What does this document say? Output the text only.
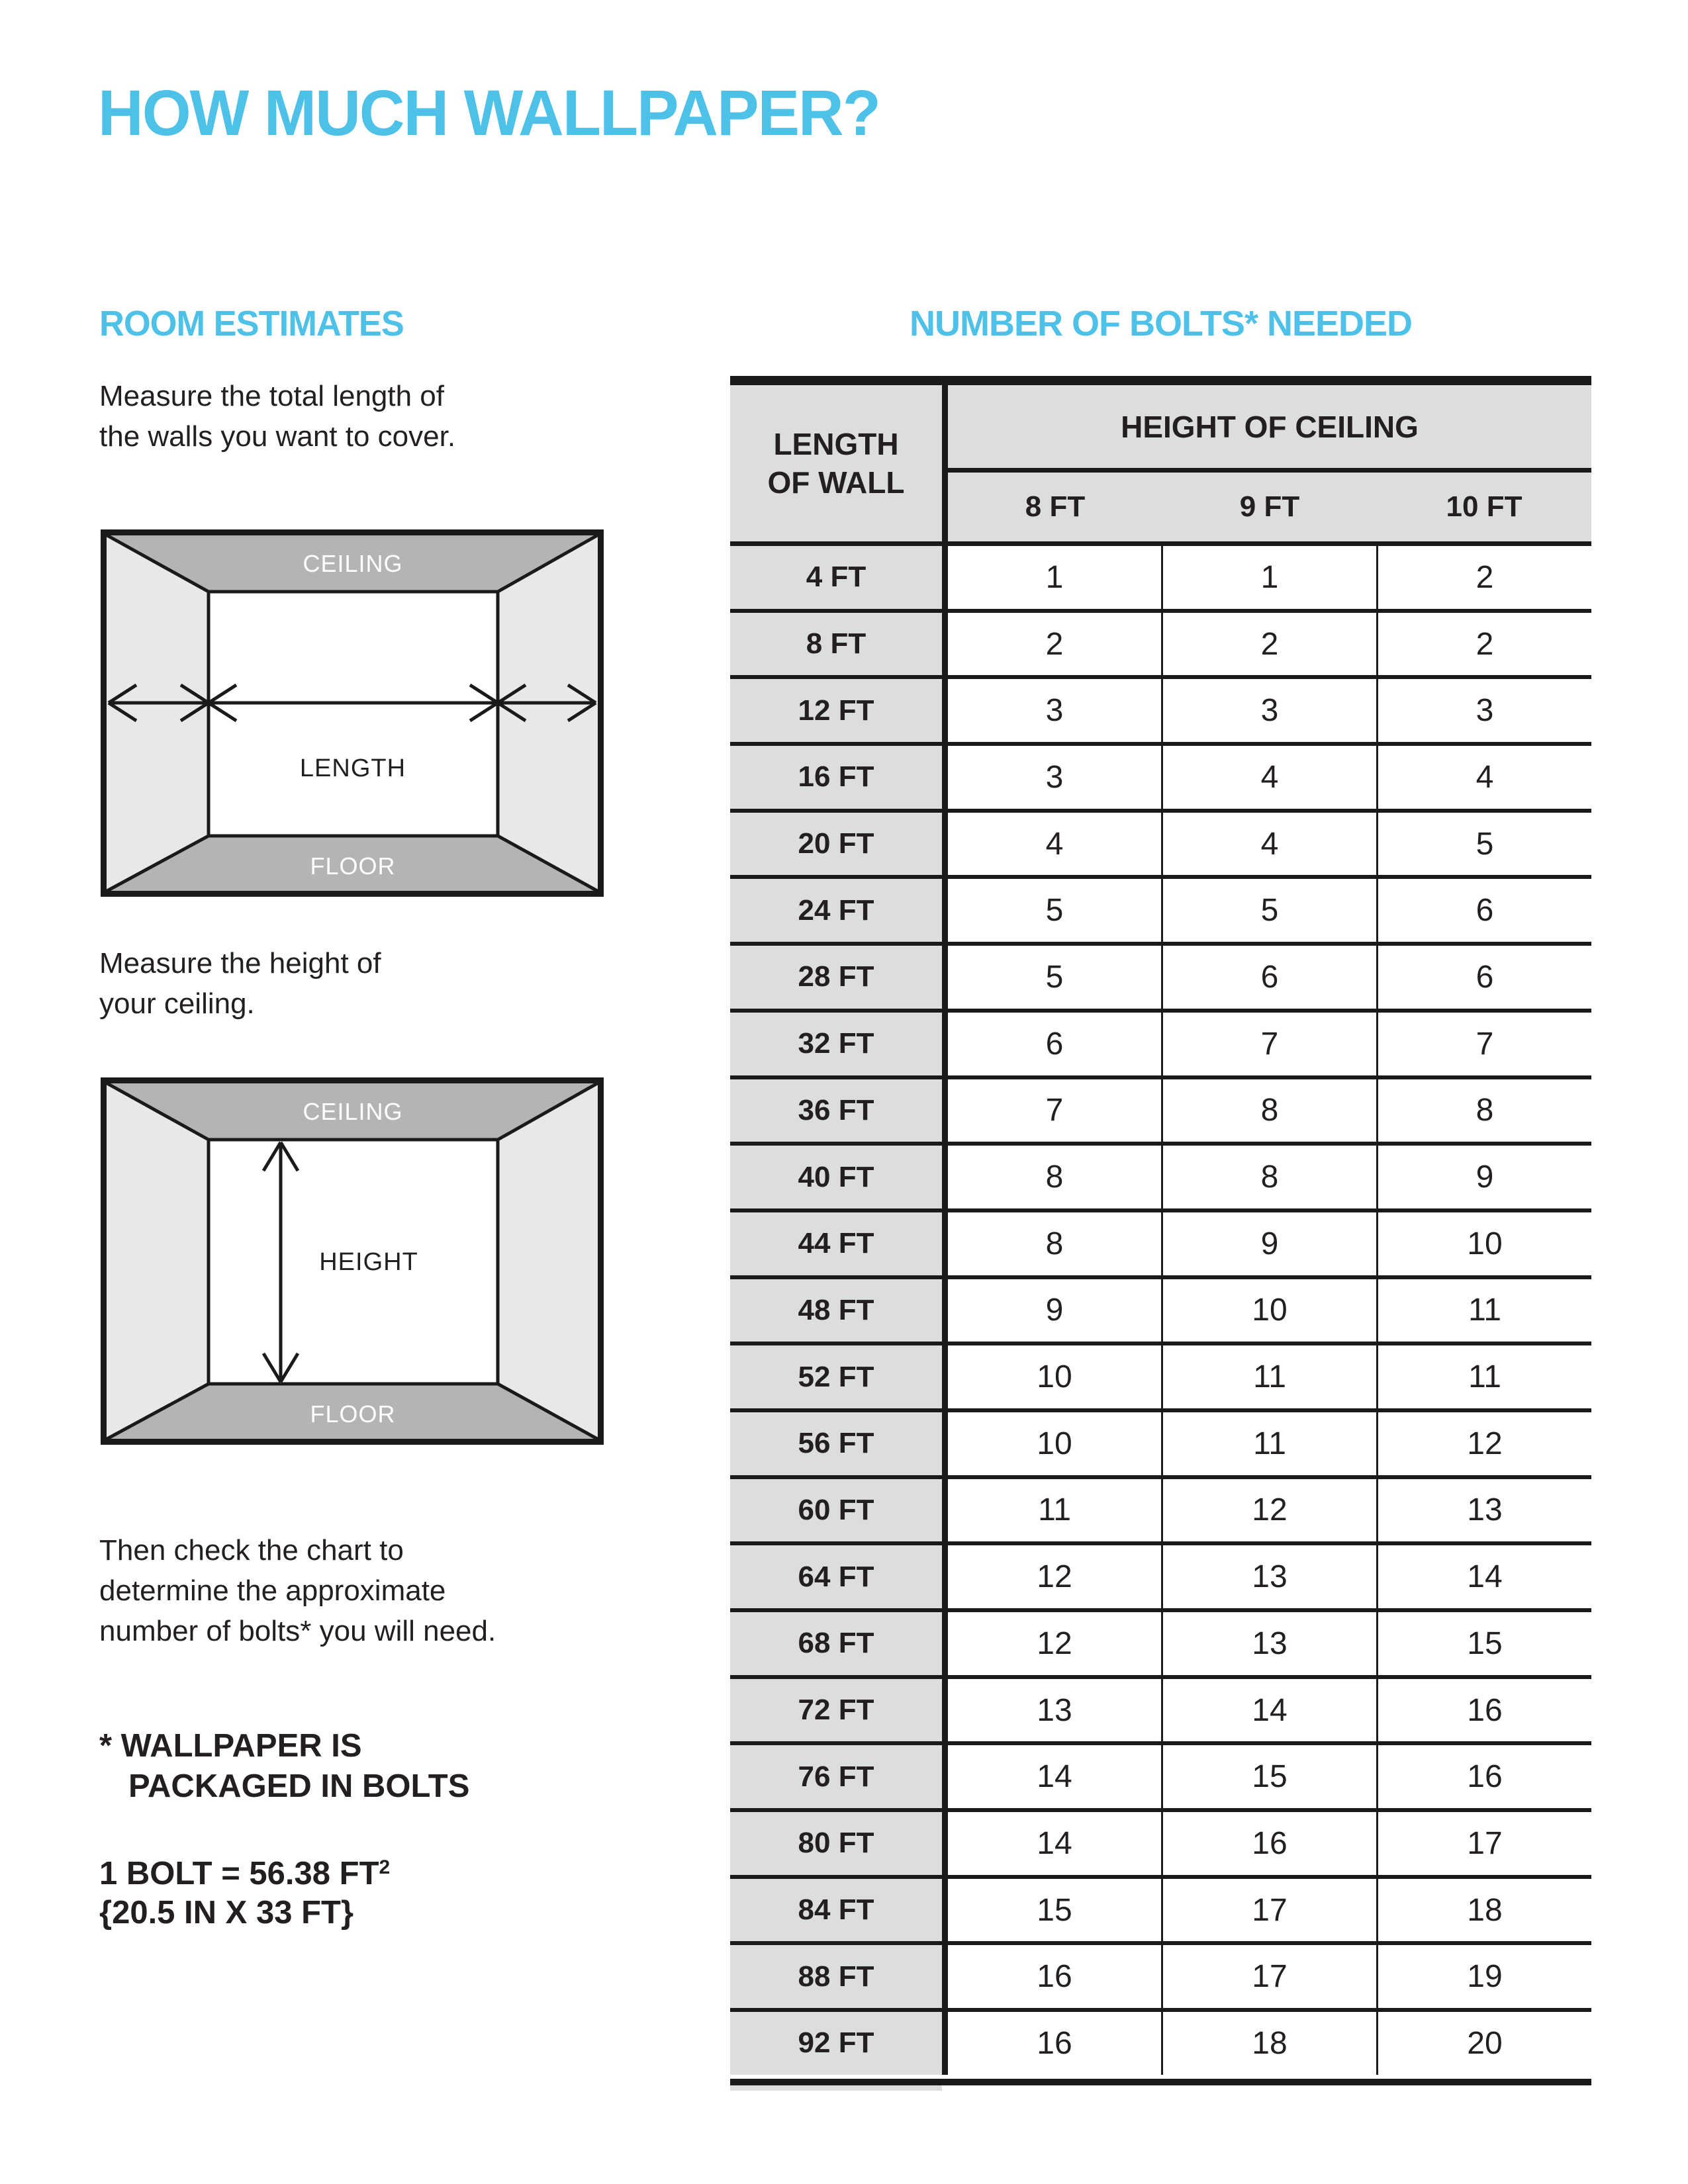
HOW MUCH WALLPAPER?
ROOM ESTIMATES
Measure the total length of
the walls you want to cover.
CEILING
FLOOR
LENGTH
Measure the height of
your ceiling.
CEILING
FLOOR
HEIGHT
Then check the chart to
determine the approximate
number of bolts* you will need.
* WALLPAPER IS
PACKAGED IN BOLTS
1 BOLT = 56.38 $FT^2$
{20.5 IN X 33 FT}
NUMBER OF BOLTS* NEEDED
LENGTH
OF WALL
HEIGHT OF CEILING
8 FT	9 FT	10 FT
4 FT	1	1	2
8 FT	2	2	2
12 FT	3	3	3
16 FT	3	4	4
20 FT	4	4	5
24 FT	5	5	6
28 FT	5	6	6
32 FT	6	7	7
36 FT	7	8	8
40 FT	8	8	9
44 FT	8	9	10
48 FT	9	10	11
52 FT	10	11	11
56 FT	10	11	12
60 FT	11	12	13
64 FT	12	13	14
68 FT	12	13	15
72 FT	13	14	16
76 FT	14	15	16
80 FT	14	16	17
84 FT	15	17	18
88 FT	16	17	19
92 FT	16	18	20
